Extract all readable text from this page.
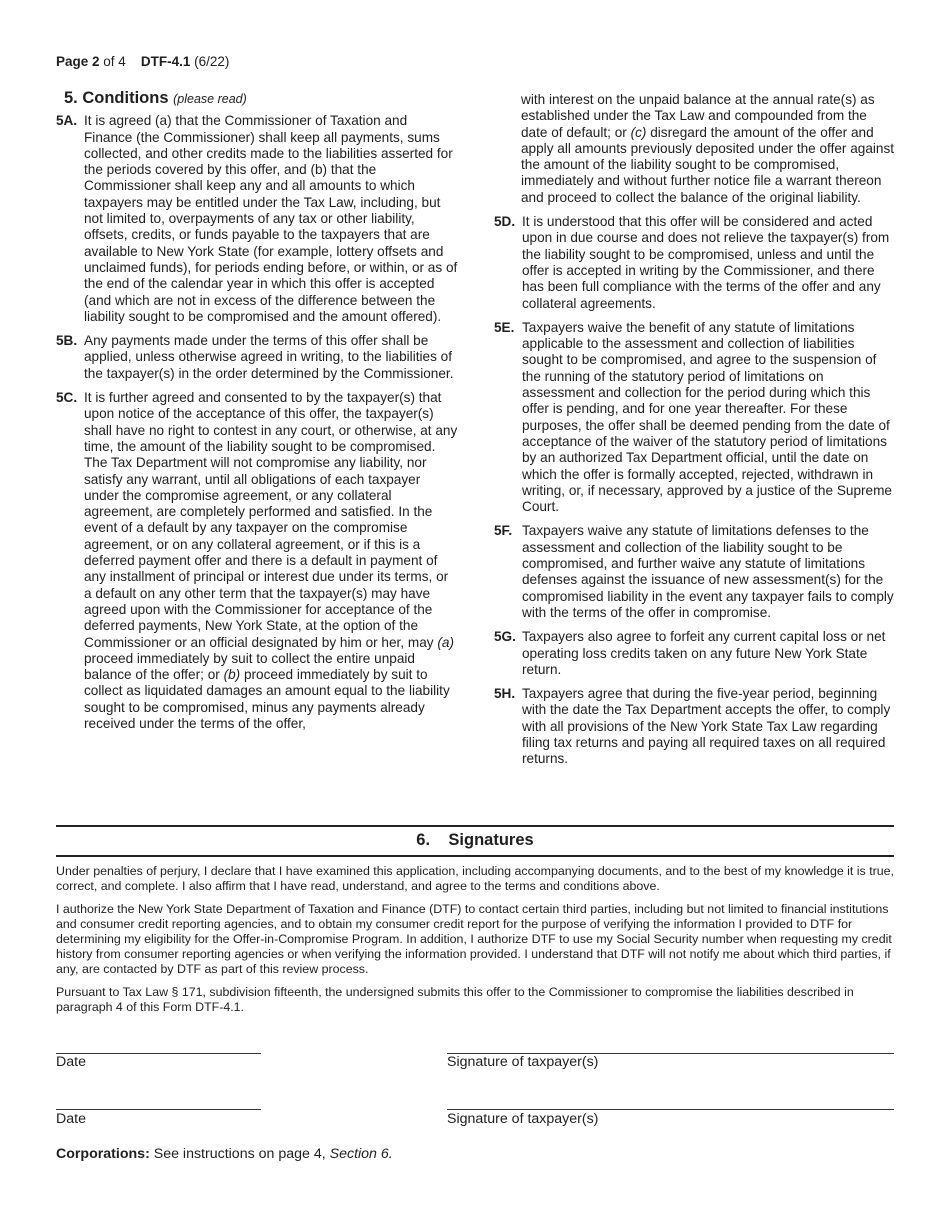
Page 2 of 4 DTF-4.1 (6/22)
5. Conditions (please read)
5A. It is agreed (a) that the Commissioner of Taxation and Finance (the Commissioner) shall keep all payments, sums collected, and other credits made to the liabilities asserted for the periods covered by this offer, and (b) that the Commissioner shall keep any and all amounts to which taxpayers may be entitled under the Tax Law, including, but not limited to, overpayments of any tax or other liability, offsets, credits, or funds payable to the taxpayers that are available to New York State (for example, lottery offsets and unclaimed funds), for periods ending before, or within, or as of the end of the calendar year in which this offer is accepted (and which are not in excess of the difference between the liability sought to be compromised and the amount offered).
5B. Any payments made under the terms of this offer shall be applied, unless otherwise agreed in writing, to the liabilities of the taxpayer(s) in the order determined by the Commissioner.
5C. It is further agreed and consented to by the taxpayer(s) that upon notice of the acceptance of this offer, the taxpayer(s) shall have no right to contest in any court, or otherwise, at any time, the amount of the liability sought to be compromised. The Tax Department will not compromise any liability, nor satisfy any warrant, until all obligations of each taxpayer under the compromise agreement, or any collateral agreement, are completely performed and satisfied. In the event of a default by any taxpayer on the compromise agreement, or on any collateral agreement, or if this is a deferred payment offer and there is a default in payment of any installment of principal or interest due under its terms, or a default on any other term that the taxpayer(s) may have agreed upon with the Commissioner for acceptance of the deferred payments, New York State, at the option of the Commissioner or an official designated by him or her, may (a) proceed immediately by suit to collect the entire unpaid balance of the offer; or (b) proceed immediately by suit to collect as liquidated damages an amount equal to the liability sought to be compromised, minus any payments already received under the terms of the offer,
with interest on the unpaid balance at the annual rate(s) as established under the Tax Law and compounded from the date of default; or (c) disregard the amount of the offer and apply all amounts previously deposited under the offer against the amount of the liability sought to be compromised, immediately and without further notice file a warrant thereon and proceed to collect the balance of the original liability.
5D. It is understood that this offer will be considered and acted upon in due course and does not relieve the taxpayer(s) from the liability sought to be compromised, unless and until the offer is accepted in writing by the Commissioner, and there has been full compliance with the terms of the offer and any collateral agreements.
5E. Taxpayers waive the benefit of any statute of limitations applicable to the assessment and collection of liabilities sought to be compromised, and agree to the suspension of the running of the statutory period of limitations on assessment and collection for the period during which this offer is pending, and for one year thereafter. For these purposes, the offer shall be deemed pending from the date of acceptance of the waiver of the statutory period of limitations by an authorized Tax Department official, until the date on which the offer is formally accepted, rejected, withdrawn in writing, or, if necessary, approved by a justice of the Supreme Court.
5F. Taxpayers waive any statute of limitations defenses to the assessment and collection of the liability sought to be compromised, and further waive any statute of limitations defenses against the issuance of new assessment(s) for the compromised liability in the event any taxpayer fails to comply with the terms of the offer in compromise.
5G. Taxpayers also agree to forfeit any current capital loss or net operating loss credits taken on any future New York State return.
5H. Taxpayers agree that during the five-year period, beginning with the date the Tax Department accepts the offer, to comply with all provisions of the New York State Tax Law regarding filing tax returns and paying all required taxes on all required returns.
6. Signatures
Under penalties of perjury, I declare that I have examined this application, including accompanying documents, and to the best of my knowledge it is true, correct, and complete. I also affirm that I have read, understand, and agree to the terms and conditions above.
I authorize the New York State Department of Taxation and Finance (DTF) to contact certain third parties, including but not limited to financial institutions and consumer credit reporting agencies, and to obtain my consumer credit report for the purpose of verifying the information I provided to DTF for determining my eligibility for the Offer-in-Compromise Program. In addition, I authorize DTF to use my Social Security number when requesting my credit history from consumer reporting agencies or when verifying the information provided. I understand that DTF will not notify me about which third parties, if any, are contacted by DTF as part of this review process.
Pursuant to Tax Law § 171, subdivision fifteenth, the undersigned submits this offer to the Commissioner to compromise the liabilities described in paragraph 4 of this Form DTF-4.1.
Date	Signature of taxpayer(s)
Date	Signature of taxpayer(s)
Corporations: See instructions on page 4, Section 6.
